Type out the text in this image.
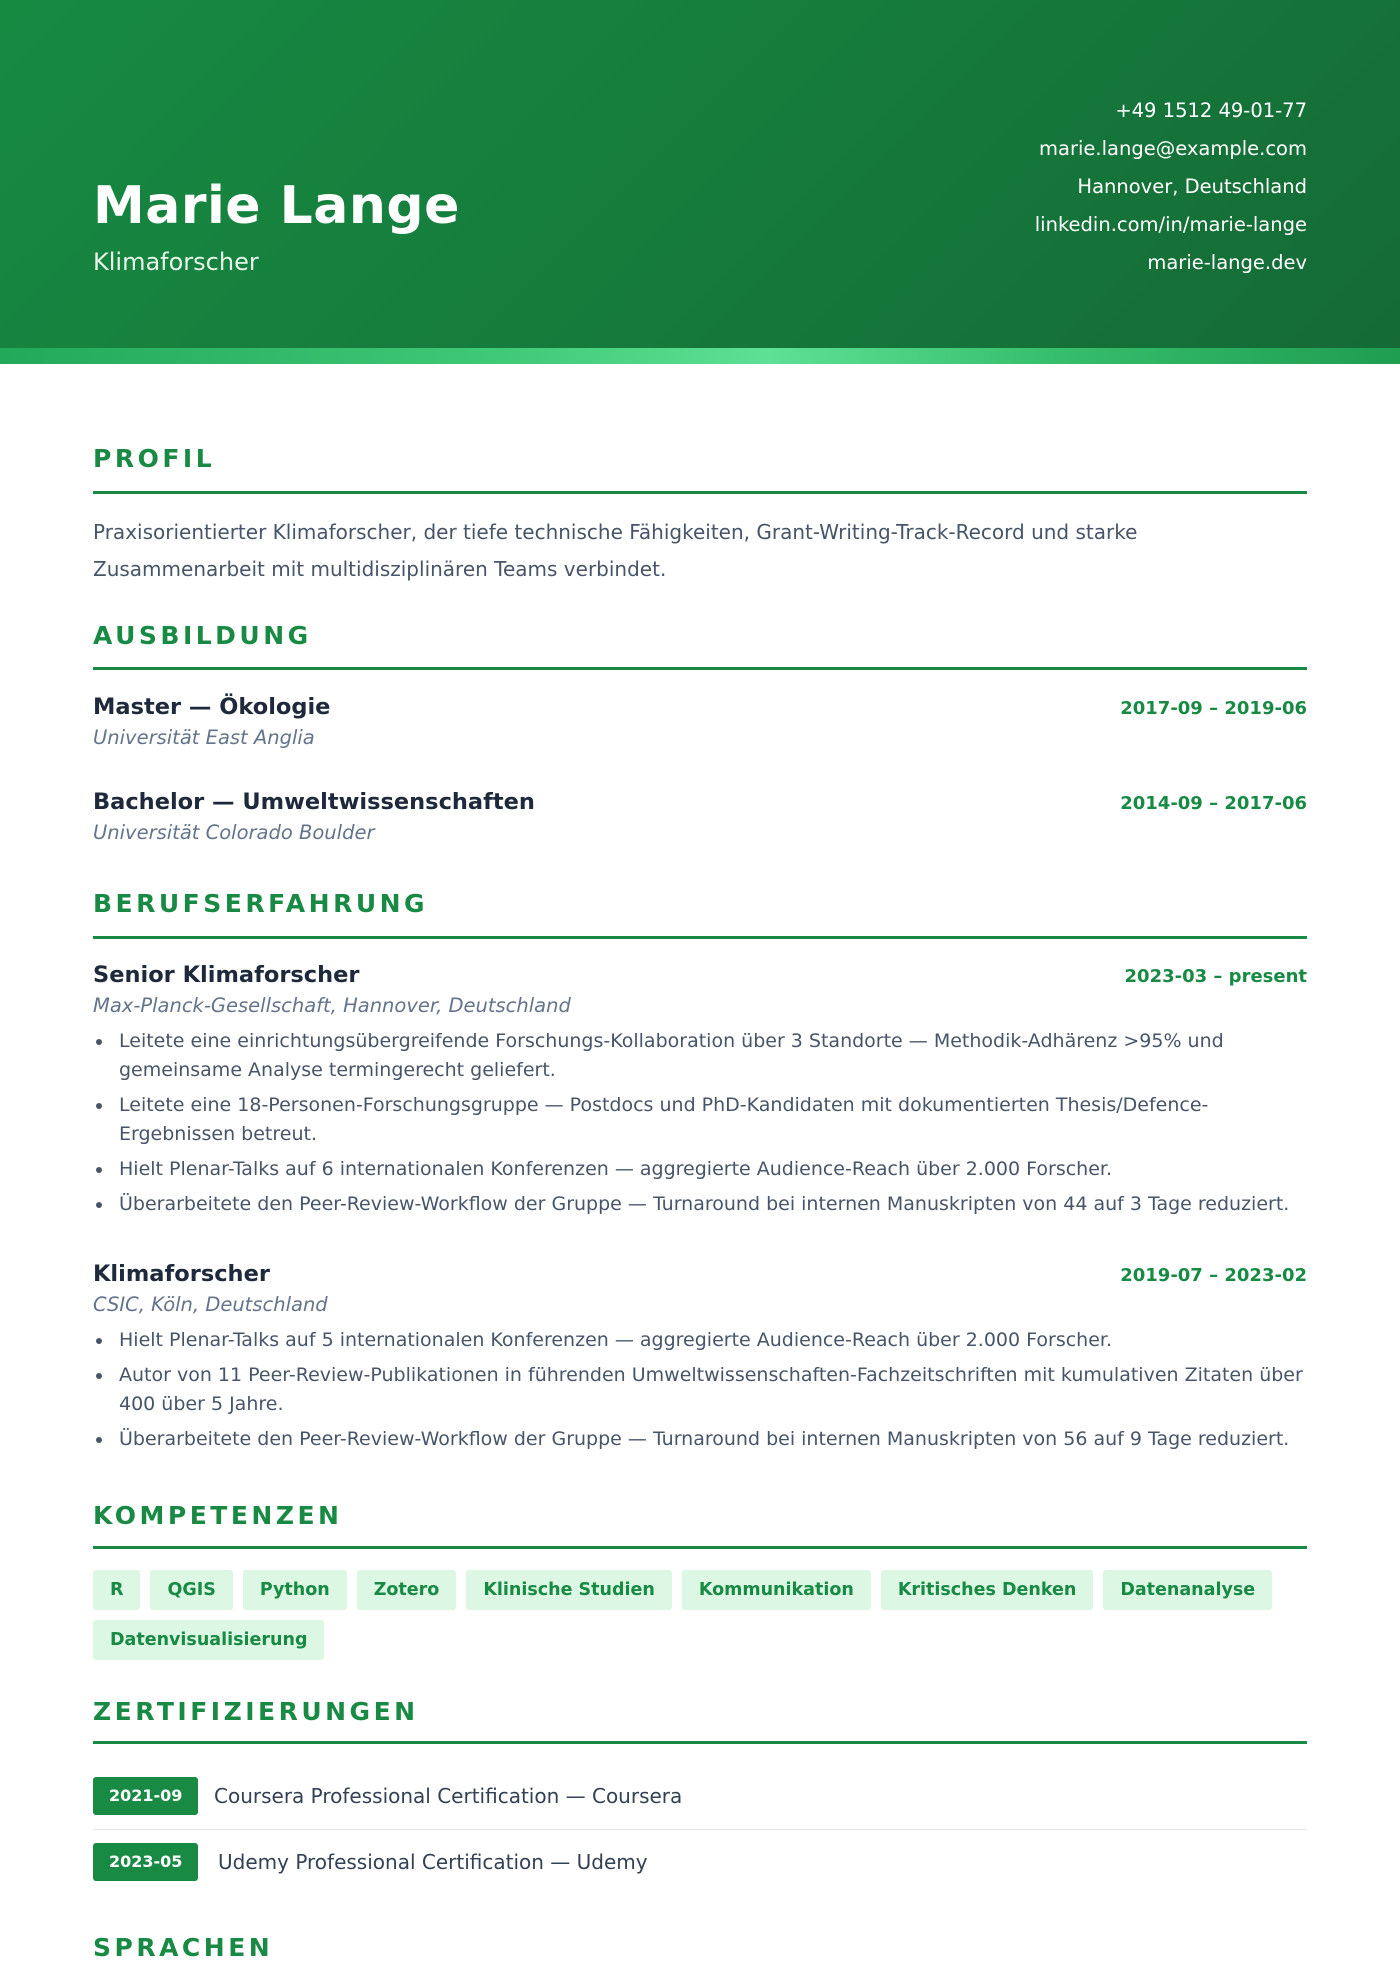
Marie Lange
Klimaforscher
+49 1512 49-01-77
marie.lange@example.com
Hannover, Deutschland
linkedin.com/in/marie-lange
marie-lange.dev
PROFIL
Praxisorientierter Klimaforscher, der tiefe technische Fähigkeiten, Grant-Writing-Track-Record und starke Zusammenarbeit mit multidisziplinären Teams verbindet.
AUSBILDUNG
Master — Ökologie	2017-09 – 2019-06
Universität East Anglia
Bachelor — Umweltwissenschaften	2014-09 – 2017-06
Universität Colorado Boulder
BERUFSERFAHRUNG
Senior Klimaforscher	2023-03 – present
Max-Planck-Gesellschaft, Hannover, Deutschland
Leitete eine einrichtungsübergreifende Forschungs-Kollaboration über 3 Standorte — Methodik-Adhärenz >95% und gemeinsame Analyse termingerecht geliefert.
Leitete eine 18-Personen-Forschungsgruppe — Postdocs und PhD-Kandidaten mit dokumentierten Thesis/Defence-Ergebnissen betreut.
Hielt Plenar-Talks auf 6 internationalen Konferenzen — aggregierte Audience-Reach über 2.000 Forscher.
Überarbeitete den Peer-Review-Workflow der Gruppe — Turnaround bei internen Manuskripten von 44 auf 3 Tage reduziert.
Klimaforscher	2019-07 – 2023-02
CSIC, Köln, Deutschland
Hielt Plenar-Talks auf 5 internationalen Konferenzen — aggregierte Audience-Reach über 2.000 Forscher.
Autor von 11 Peer-Review-Publikationen in führenden Umweltwissenschaften-Fachzeitschriften mit kumulativen Zitaten über 400 über 5 Jahre.
Überarbeitete den Peer-Review-Workflow der Gruppe — Turnaround bei internen Manuskripten von 56 auf 9 Tage reduziert.
KOMPETENZEN
R	QGIS	Python	Zotero	Klinische Studien	Kommunikation	Kritisches Denken	Datenanalyse
Datenvisualisierung
ZERTIFIZIERUNGEN
2021-09	Coursera Professional Certification — Coursera
2023-05	Udemy Professional Certification — Udemy
SPRACHEN
